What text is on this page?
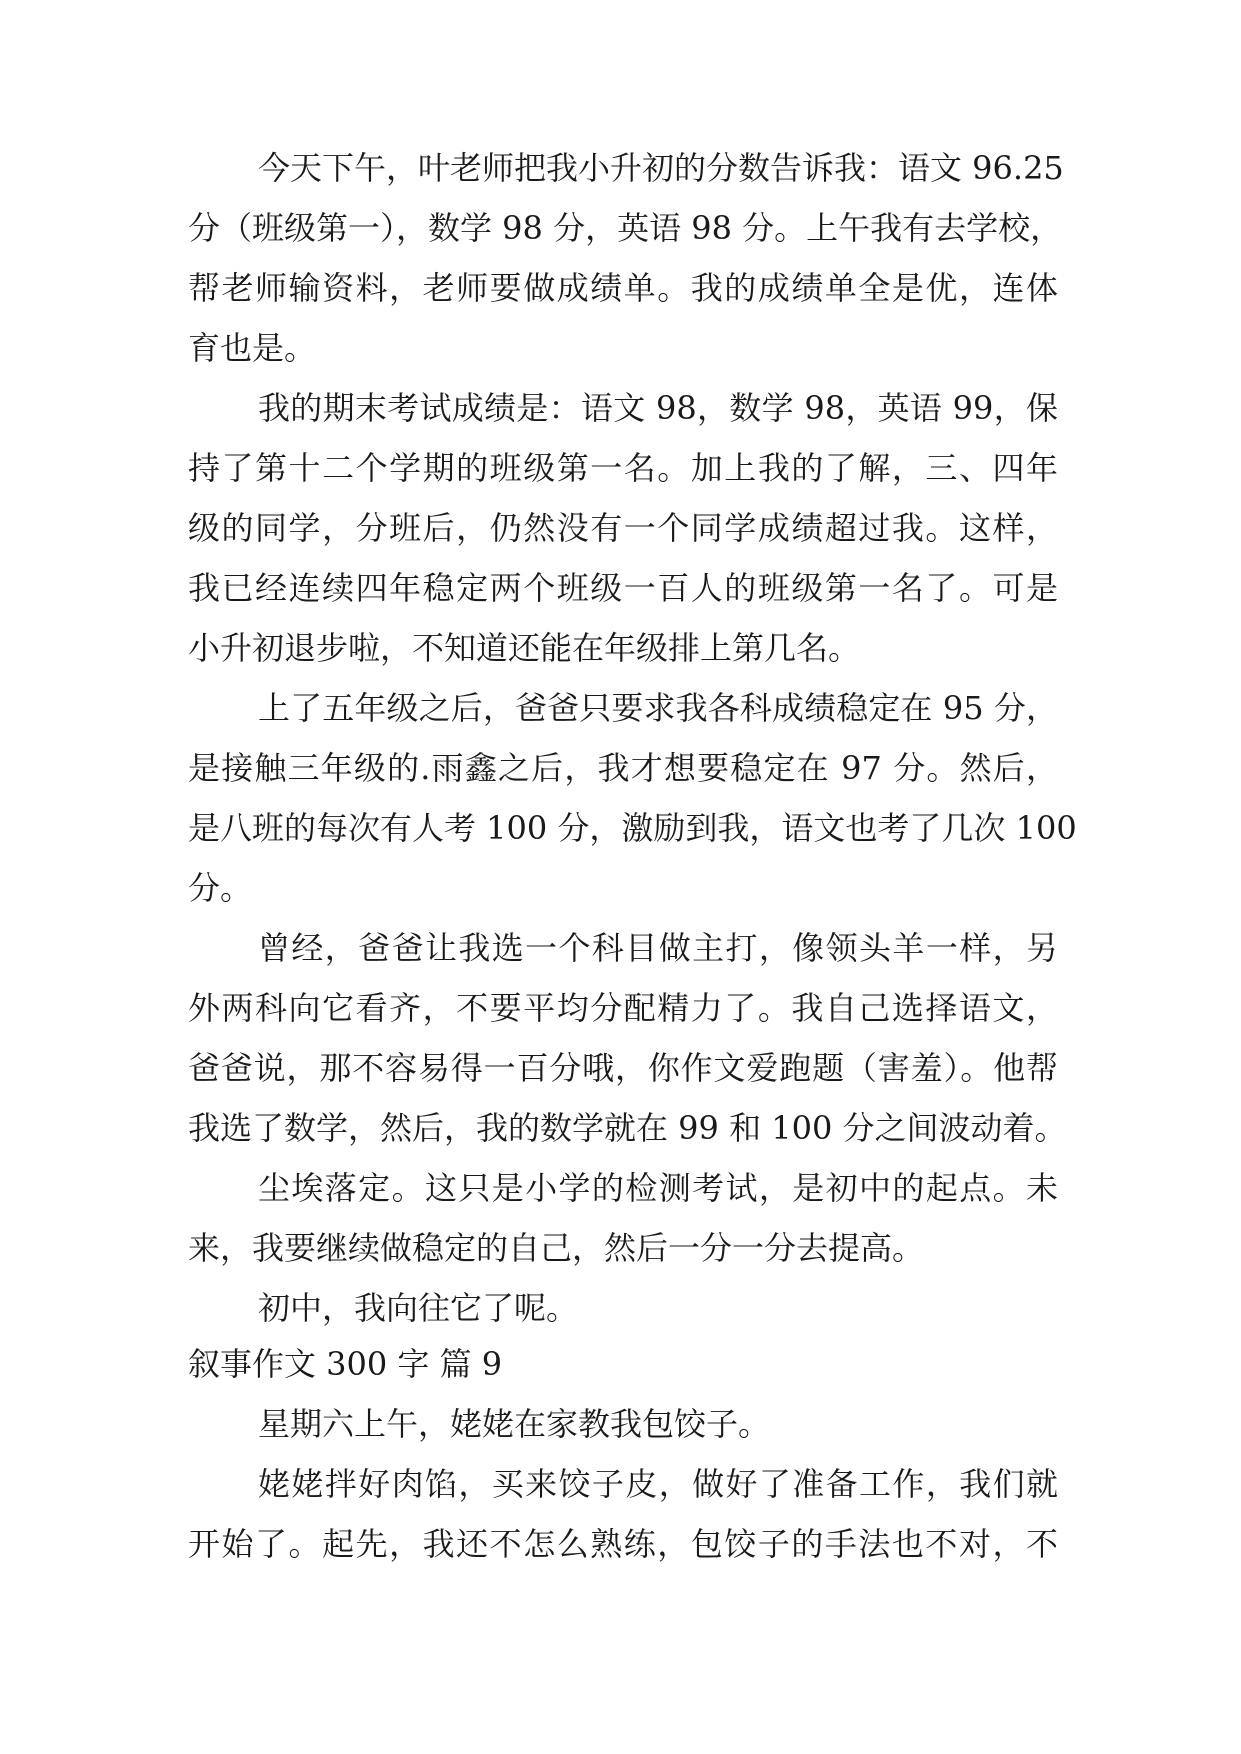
今天下午，叶老师把我小升初的分数告诉我：语文 96.25
分（班级第一），数学 98 分，英语 98 分。上午我有去学校，
帮老师输资料，老师要做成绩单。我的成绩单全是优，连体
育也是。
我的期末考试成绩是：语文 98，数学 98，英语 99，保
持了第十二个学期的班级第一名。加上我的了解，三、四年
级的同学，分班后，仍然没有一个同学成绩超过我。这样，
我已经连续四年稳定两个班级一百人的班级第一名了。可是
小升初退步啦，不知道还能在年级排上第几名。
上了五年级之后，爸爸只要求我各科成绩稳定在 95 分，
是接触三年级的.雨鑫之后，我才想要稳定在 97 分。然后，
是八班的每次有人考 100 分，激励到我，语文也考了几次 100
分。
曾经，爸爸让我选一个科目做主打，像领头羊一样，另
外两科向它看齐，不要平均分配精力了。我自己选择语文，
爸爸说，那不容易得一百分哦，你作文爱跑题（害羞）。他帮
我选了数学，然后，我的数学就在 99 和 100 分之间波动着。
尘埃落定。这只是小学的检测考试，是初中的起点。未
来，我要继续做稳定的自己，然后一分一分去提高。
初中，我向往它了呢。
叙事作文 300 字 篇 9
星期六上午，姥姥在家教我包饺子。
姥姥拌好肉馅，买来饺子皮，做好了准备工作，我们就
开始了。起先，我还不怎么熟练，包饺子的手法也不对，不
